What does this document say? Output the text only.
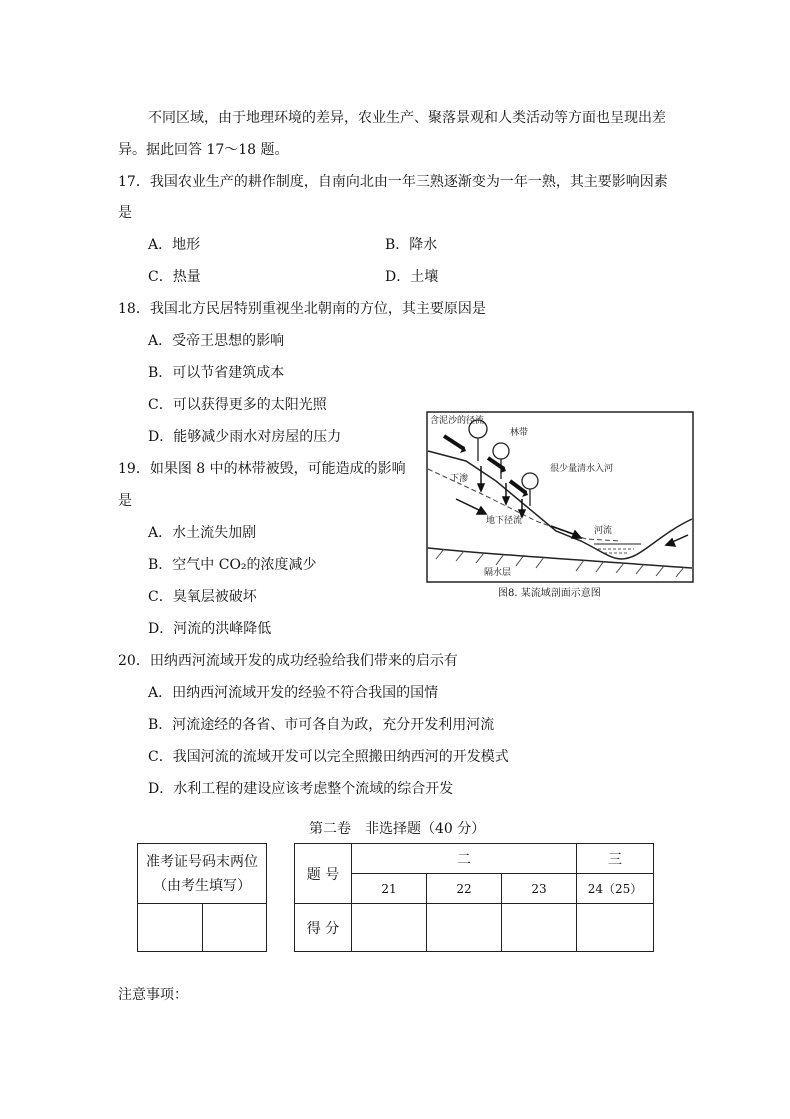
不同区域，由于地理环境的差异，农业生产、聚落景观和人类活动等方面也呈现出差
异。据此回答 17～18 题。
17．我国农业生产的耕作制度，自南向北由一年三熟逐渐变为一年一熟，其主要影响因素
是
A．地形	B．降水
C．热量	D．土壤
18．我国北方民居特别重视坐北朝南的方位，其主要原因是
A．受帝王思想的影响
B．可以节省建筑成本
C．可以获得更多的太阳光照
D．能够减少雨水对房屋的压力
19．如果图 8 中的林带被毁，可能造成的影响
是
A．水土流失加剧
B．空气中 CO₂的浓度减少
C．臭氧层被破坏
D．河流的洪峰降低
含泥沙的径流
林带
下渗
很少量清水入河
地下径流
河流
隔水层
图8. 某流域剖面示意图
20．田纳西河流域开发的成功经验给我们带来的启示有
A．田纳西河流域开发的经验不符合我国的国情
B．河流途经的各省、市可各自为政，充分开发利用河流
C．我国河流的流域开发可以完全照搬田纳西河的开发模式
D．水利工程的建设应该考虑整个流域的综合开发
第二卷　非选择题（40 分）
准考证号码末两位
（由考生填写）

题 号	二			三
	21	22	23	24（25）
得 分				
注意事项：
